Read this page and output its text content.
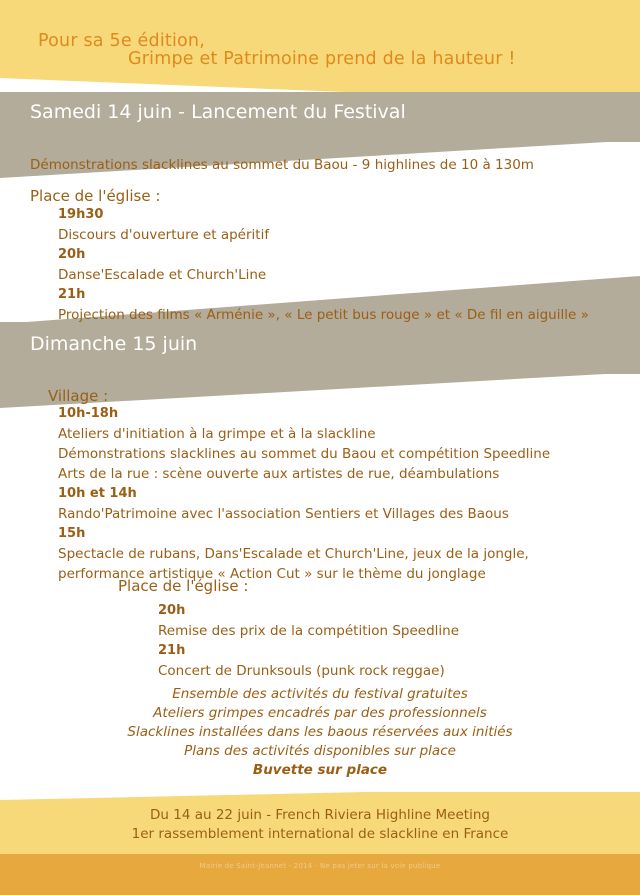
Pour sa 5e édition,
Grimpe et Patrimoine prend de la hauteur !
Samedi 14 juin - Lancement du Festival
Démonstrations slacklines au sommet du Baou - 9 highlines de 10 à 130m
Place de l'église :
19h30
Discours d'ouverture et apéritif
20h
Danse'Escalade et Church'Line
21h
Projection des films « Arménie », « Le petit bus rouge » et « De fil en aiguille »
Dimanche 15 juin
Village :
10h-18h
Ateliers d'initiation à la grimpe et à la slackline
Démonstrations slacklines au sommet du Baou et compétition Speedline
Arts de la rue : scène ouverte aux artistes de rue, déambulations
10h et 14h
Rando'Patrimoine avec l'association Sentiers et Villages des Baous
15h
Spectacle de rubans, Dans'Escalade et Church'Line, jeux de la jongle,
performance artistique « Action Cut » sur le thème du jonglage
Place de l'église :
20h
Remise des prix de la compétition Speedline
21h
Concert de Drunksouls (punk rock reggae)
Ensemble des activités du festival gratuites
Ateliers grimpes encadrés par des professionnels
Slacklines installées dans les baous réservées aux initiés
Plans des activités disponibles sur place
Buvette sur place
Du 14 au 22 juin - French Riviera Highline Meeting
1er rassemblement international de slackline en France
Mairie de Saint-Jeannet - 2014 - Ne pas jeter sur la voie publique
